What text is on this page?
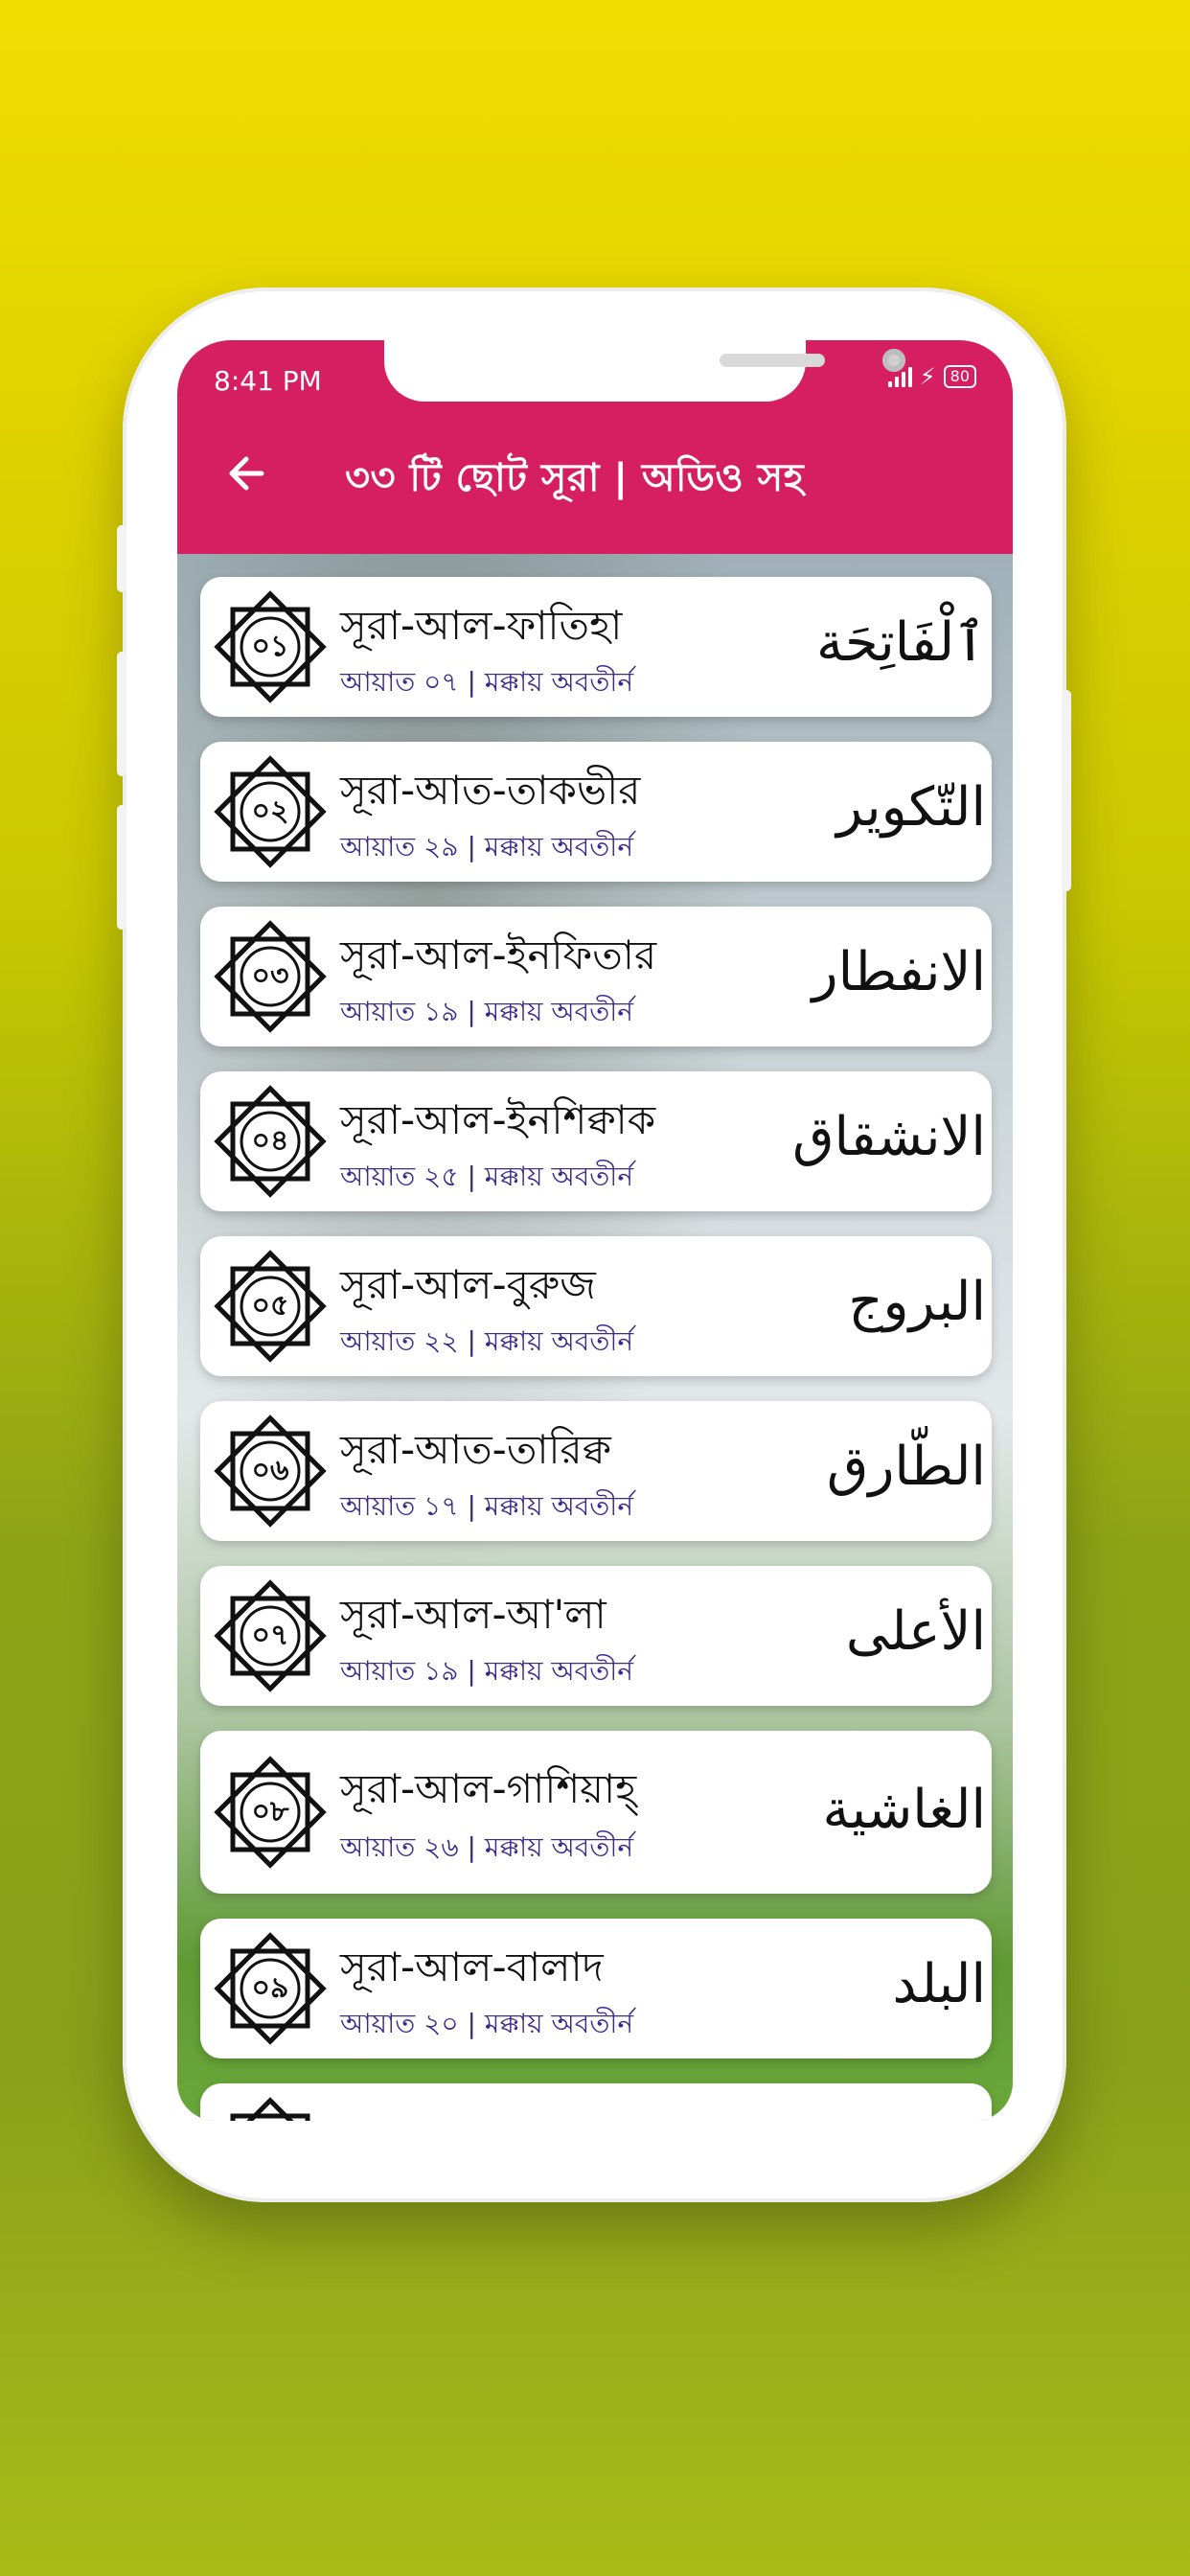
8:41 PM	⚡ 80
৩৩ টি ছোট সূরা | অডিও সহ
০১	সূরা-আল-ফাতিহা
আয়াত ০৭ | মক্কায় অবতীর্ন
ٱلْفَاتِحَة
০২	সূরা-আত-তাকভীর
আয়াত ২৯ | মক্কায় অবতীর্ন
التّكوير
০৩	সূরা-আল-ইনফিতার
আয়াত ১৯ | মক্কায় অবতীর্ন
الانفطار
০৪	সূরা-আল-ইনশিক্বাক
আয়াত ২৫ | মক্কায় অবতীর্ন
الانشقاق
০৫	সূরা-আল-বুরুজ
আয়াত ২২ | মক্কায় অবতীর্ন
البروج
০৬	সূরা-আত-তারিক্ব
আয়াত ১৭ | মক্কায় অবতীর্ন
الطّارق
০৭	সূরা-আল-আ'লা
আয়াত ১৯ | মক্কায় অবতীর্ন
الأعلى
০৮	সূরা-আল-গাশিয়াহ্
আয়াত ২৬ | মক্কায় অবতীর্ন
الغاشية
০৯	সূরা-আল-বালাদ
আয়াত ২০ | মক্কায় অবতীর্ন
البلد
